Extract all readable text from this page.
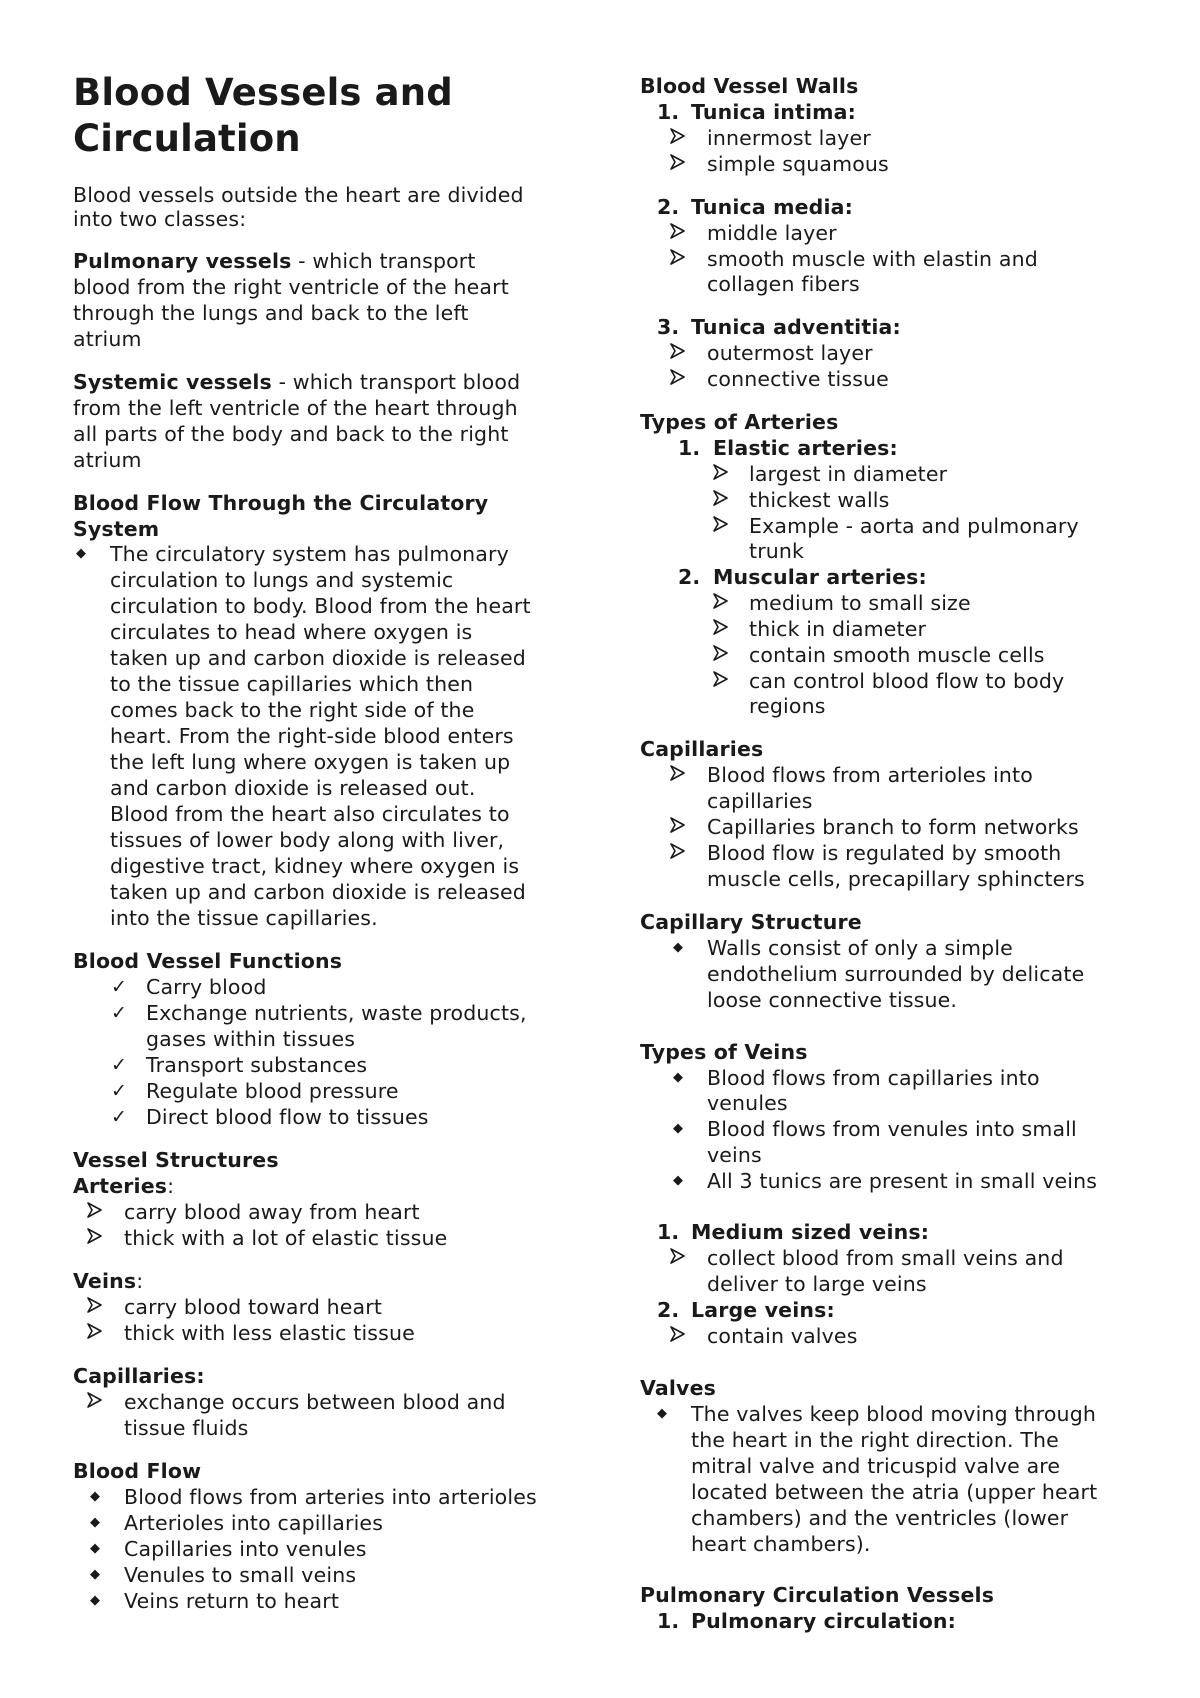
Blood Vessels and
Circulation
Blood vessels outside the heart are divided
into two classes:
Pulmonary vessels - which transport
blood from the right ventricle of the heart
through the lungs and back to the left
atrium
Systemic vessels - which transport blood
from the left ventricle of the heart through
all parts of the body and back to the right
atrium
Blood Flow Through the Circulatory
System
◆ The circulatory system has pulmonary
circulation to lungs and systemic
circulation to body. Blood from the heart
circulates to head where oxygen is
taken up and carbon dioxide is released
to the tissue capillaries which then
comes back to the right side of the
heart. From the right-side blood enters
the left lung where oxygen is taken up
and carbon dioxide is released out.
Blood from the heart also circulates to
tissues of lower body along with liver,
digestive tract, kidney where oxygen is
taken up and carbon dioxide is released
into the tissue capillaries.
Blood Vessel Functions
✓ Carry blood
✓ Exchange nutrients, waste products,
gases within tissues
✓ Transport substances
✓ Regulate blood pressure
✓ Direct blood flow to tissues
Vessel Structures
Arteries:
carry blood away from heart
thick with a lot of elastic tissue
Veins:
carry blood toward heart
thick with less elastic tissue
Capillaries:
exchange occurs between blood and
tissue fluids
Blood Flow
◆ Blood flows from arteries into arterioles
◆ Arterioles into capillaries
◆ Capillaries into venules
◆ Venules to small veins
◆ Veins return to heart
Blood Vessel Walls
1. Tunica intima:
innermost layer
simple squamous
2. Tunica media:
middle layer
smooth muscle with elastin and
collagen fibers
3. Tunica adventitia:
outermost layer
connective tissue
Types of Arteries
1. Elastic arteries:
largest in diameter
thickest walls
Example - aorta and pulmonary
trunk
2. Muscular arteries:
medium to small size
thick in diameter
contain smooth muscle cells
can control blood flow to body
regions
Capillaries
Blood flows from arterioles into
capillaries
Capillaries branch to form networks
Blood flow is regulated by smooth
muscle cells, precapillary sphincters
Capillary Structure
◆ Walls consist of only a simple
endothelium surrounded by delicate
loose connective tissue.
Types of Veins
◆ Blood flows from capillaries into
venules
◆ Blood flows from venules into small
veins
◆ All 3 tunics are present in small veins
1. Medium sized veins:
collect blood from small veins and
deliver to large veins
2. Large veins:
contain valves
Valves
◆ The valves keep blood moving through
the heart in the right direction. The
mitral valve and tricuspid valve are
located between the atria (upper heart
chambers) and the ventricles (lower
heart chambers).
Pulmonary Circulation Vessels
1. Pulmonary circulation:
